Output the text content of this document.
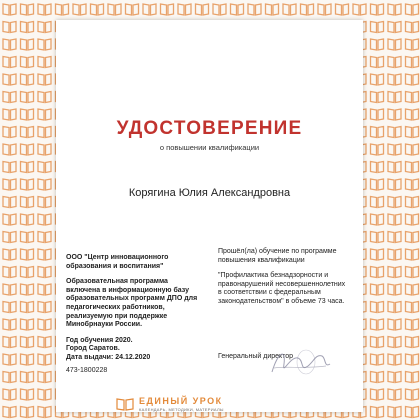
УДОСТОВЕРЕНИЕ
о повышении квалификации
Корягина Юлия Александровна
ООО "Центр инновационного образования и воспитания"
Образовательная программа включена в информационную базу образовательных программ ДПО для педагогических работников, реализуемую при поддержке Минобрнауки России.
Год обучения 2020.
Город Саратов.
Дата выдачи: 24.12.2020
473-1800228
Прошёл(ла) обучение по программе повышения квалификации
"Профилактика безнадзорности и правонарушений несовершеннолетних в соответствии с федеральным законодательством" в объеме 73 часа.
Генеральный директор
ЕДИНЫЙ УРОК
КАЛЕНДАРЬ, МЕТОДИКИ, МАТЕРИАЛЫ
